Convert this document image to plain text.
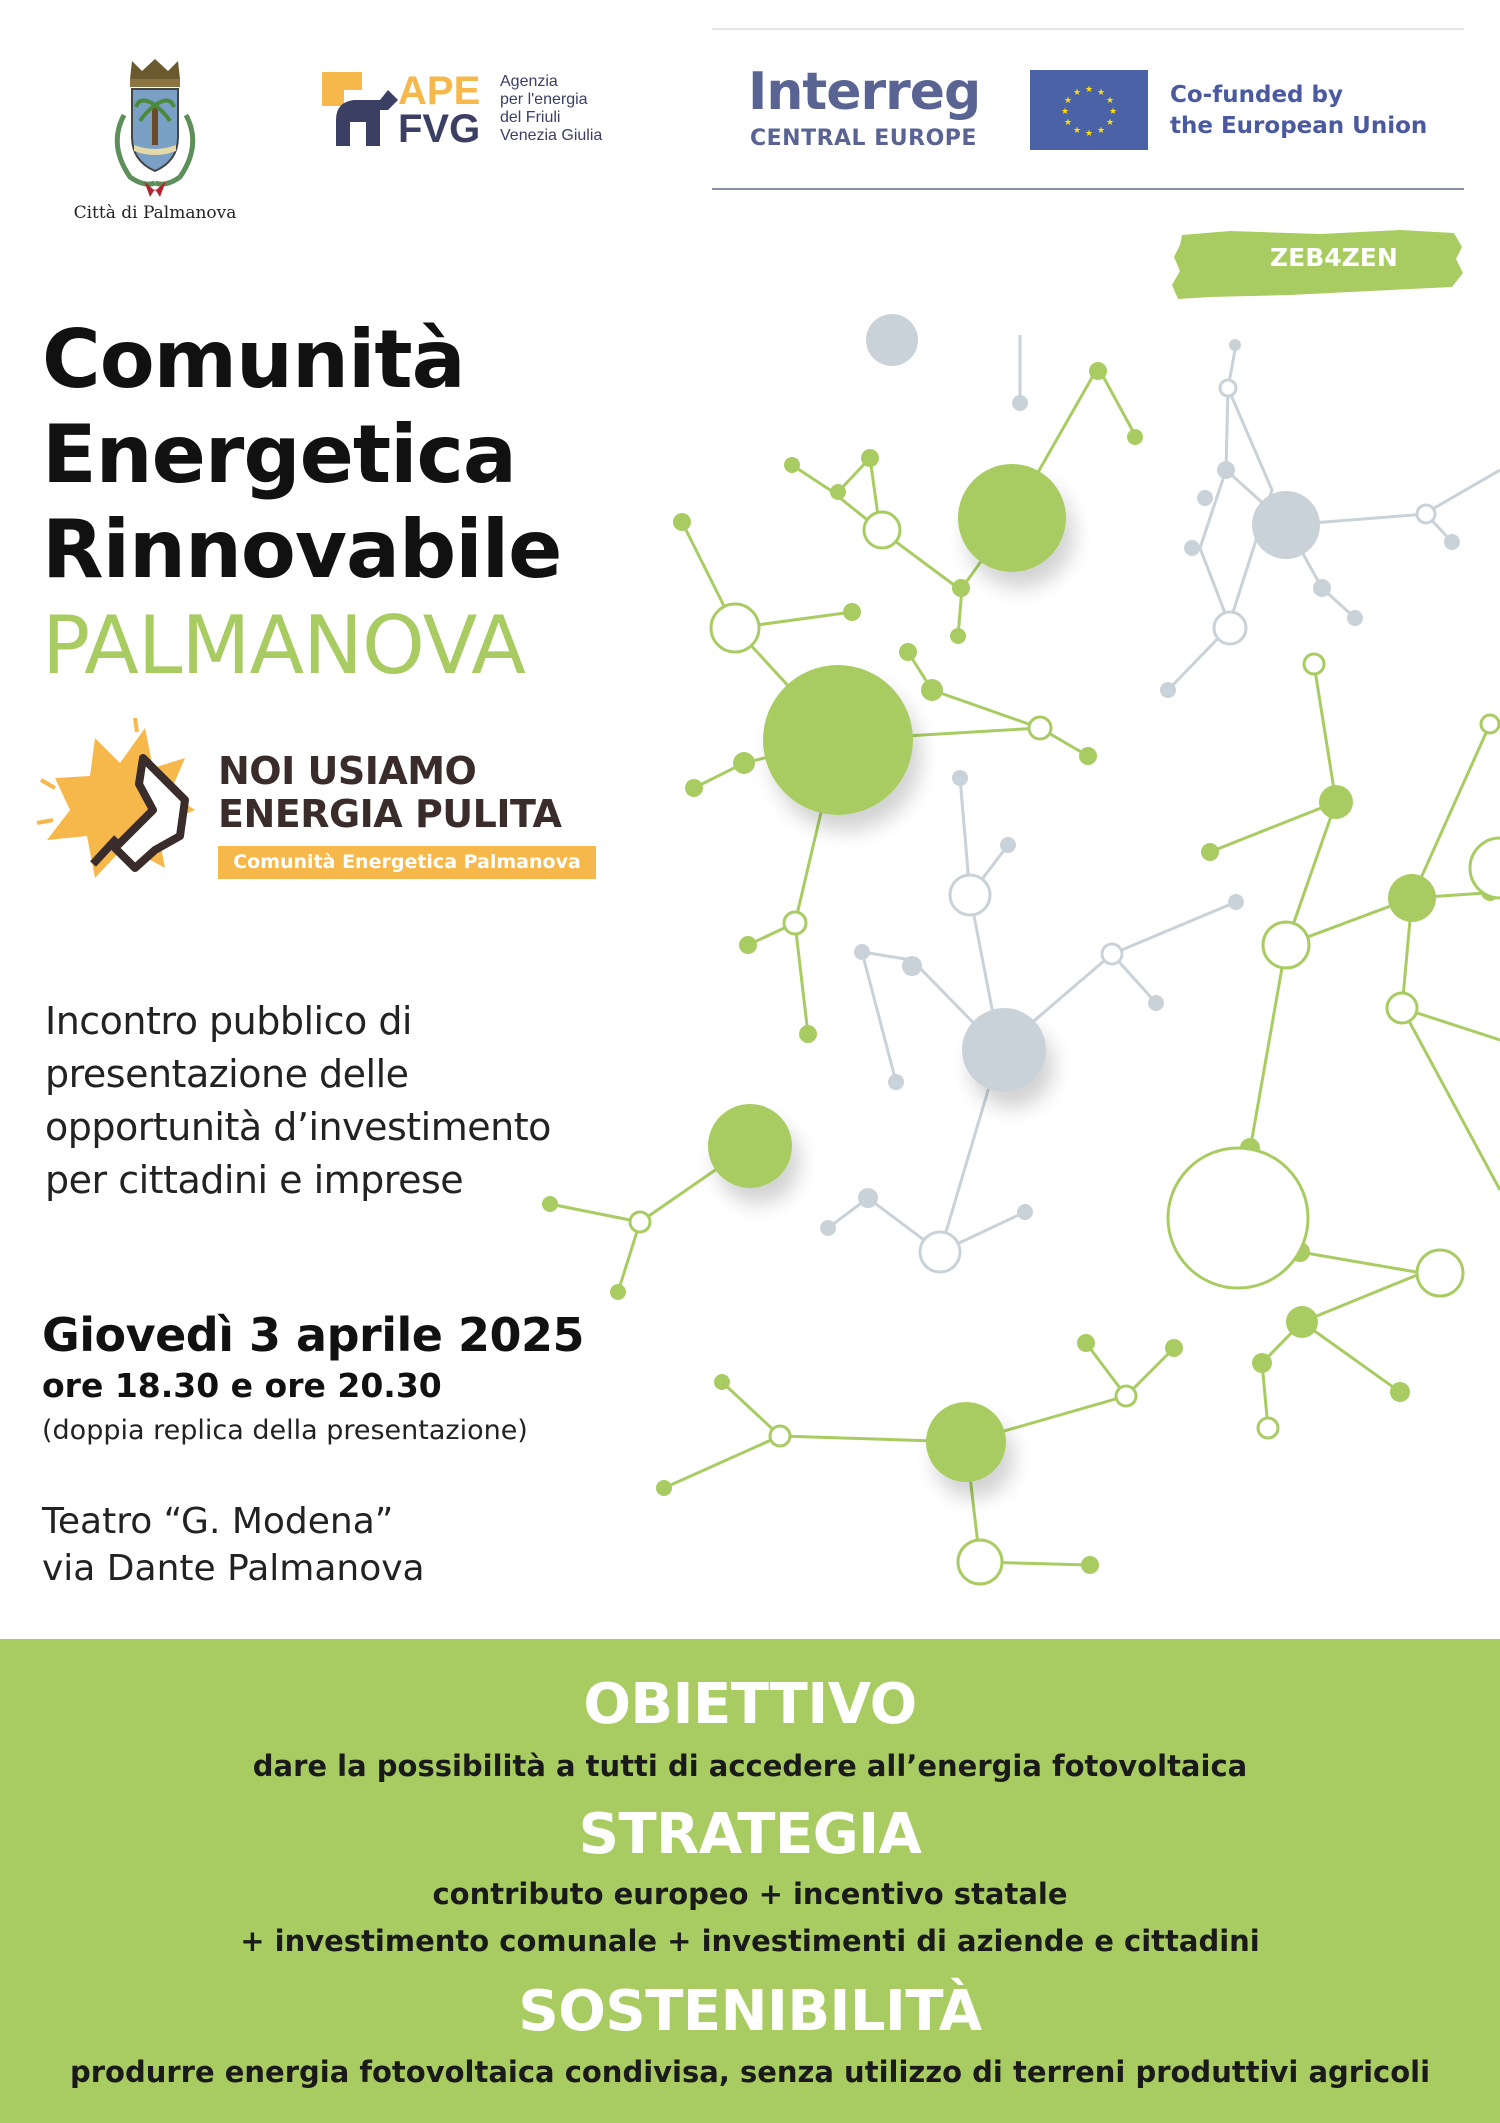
Città di Palmanova
APE
FVG
Agenzia
per l'energia
del Friuli
Venezia Giulia
Interreg
CENTRAL EUROPE
★ ★
★
★
★
★
★
★
★
★
★
★	Co-funded by
the European Union
ZEB4ZEN
Comunità
Energetica
Rinnovabile
PALMANOVA
NOI USIAMO
ENERGIA PULITA
Comunità Energetica Palmanova
Incontro pubblico di
presentazione delle
opportunità d’investimento
per cittadini e imprese
Giovedì 3 aprile 2025
ore 18.30 e ore 20.30
(doppia replica della presentazione)
Teatro “G. Modena”
via Dante Palmanova
OBIETTIVO
dare la possibilità a tutti di accedere all’energia fotovoltaica
STRATEGIA
contributo europeo + incentivo statale
+ investimento comunale + investimenti di aziende e cittadini
SOSTENIBILITÀ
produrre energia fotovoltaica condivisa, senza utilizzo di terreni produttivi agricoli
